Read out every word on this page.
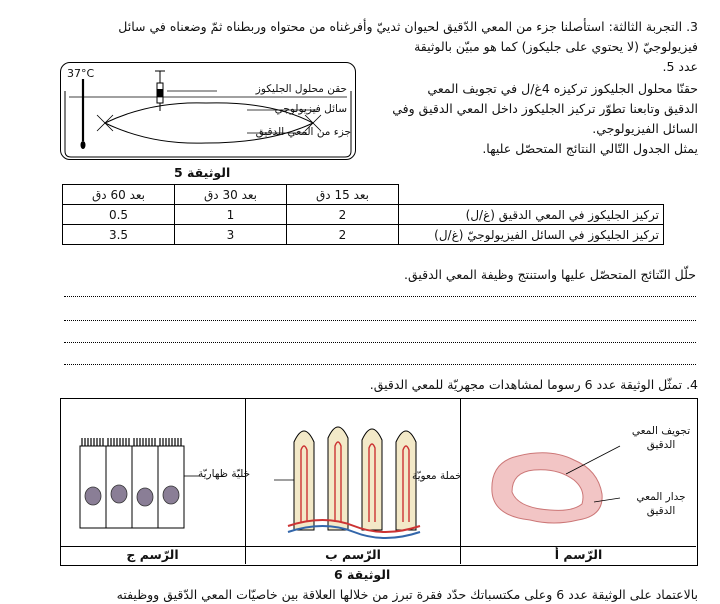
3. التجربة الثالثة: استأصلنا جزء من المعي الدّقيق لحيوان ثدييّ وأفرغناه من محتواه وربطناه ثمّ وضعناه في سائل
فيزيولوجيّ (لا يحتوي على جليكوز) كما هو مبيّن بالوثيقة
عدد 5.
حقنّا محلول الجليكوز تركيزه 4غ/ل في تجويف المعي
الدقيق وتابعنا تطوّر تركيز الجليكوز داخل المعي الدقيق وفي
السائل الفيزيولوجي.
يمثل الجدول التّالي النتائج المتحصّل عليها.
37°C
حقن محلول الجليكوز
سائل فيزيولوجي
جزء من المعي الدقيق
الوثيقة 5
	بعد 15 دق	بعد 30 دق	بعد 60 دق
تركيز الجليكوز في المعي الدقيق (غ/ل)	2	1	0.5
تركيز الجليكوز في السائل الفيزيولوجيّ (غ/ل)	2	3	3.5
حلّل النّتائج المتحصّل عليها واستنتج وظيفة المعي الدقيق.
4. تمثّل الوثيقة عدد 6 رسوما لمشاهدات مجهريّة للمعي الدقيق.
خليّة ظهاريّة	خملة معويّة
تجويف المعي
الدقيق
جدار المعي
الدقيق
الرّسم ج	الرّسم ب	الرّسم أ
الوثيقة 6
بالاعتماد على الوثيقة عدد 6 وعلى مكتسباتك حدّد فقرة تبرز من خلالها العلاقة بين خاصيّات المعي الدّقيق ووظيفته
